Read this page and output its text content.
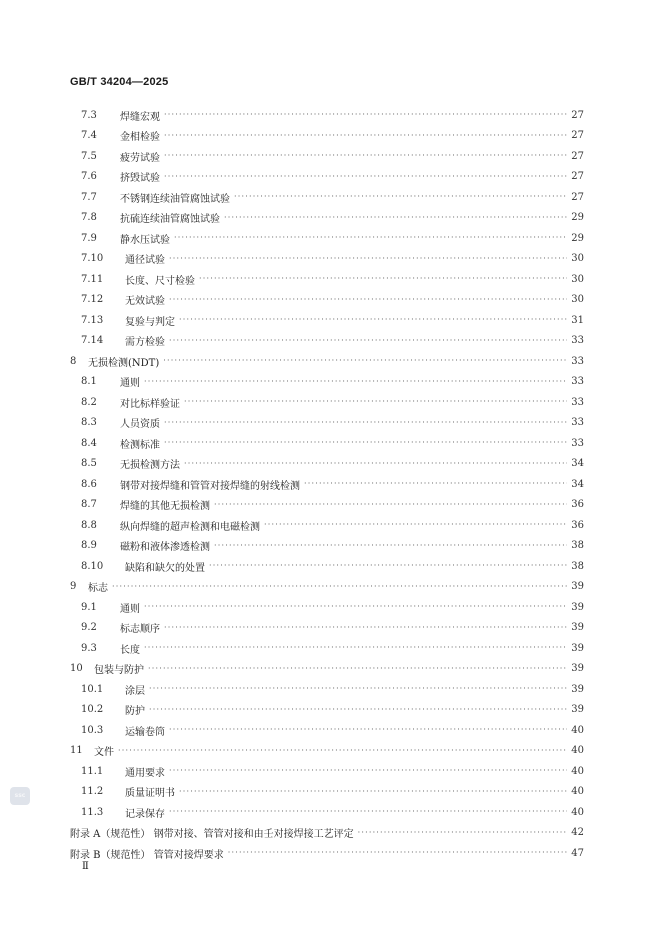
GB/T 34204—2025
7.3	焊缝宏观 ·····	27
7.4	金相检验 ·····	27
7.5	疲劳试验 ·····	27
7.6	挤毁试验 ·····	27
7.7	不锈钢连续油管腐蚀试验 ·····	27
7.8	抗硫连续油管腐蚀试验 ·····	29
7.9	静水压试验 ·····	29
7.10	通径试验 ·····	30
7.11	长度、尺寸检验 ·····	30
7.12	无效试验 ·····	30
7.13	复验与判定 ·····	31
7.14	需方检验 ·····	33
8	无损检测(NDT) ·····	33
8.1	通则 ·····	33
8.2	对比标样验证 ·····	33
8.3	人员资质 ·····	33
8.4	检测标准 ·····	33
8.5	无损检测方法 ·····	34
8.6	钢带对接焊缝和管管对接焊缝的射线检测 ·····	34
8.7	焊缝的其他无损检测 ·····	36
8.8	纵向焊缝的超声检测和电磁检测 ·····	36
8.9	磁粉和液体渗透检测 ·····	38
8.10	缺陷和缺欠的处置 ·····	38
9	标志 ·····	39
9.1	通则 ·····	39
9.2	标志顺序 ·····	39
9.3	长度 ·····	39
10	包装与防护 ·····	39
10.1	涂层 ·····	39
10.2	防护 ·····	39
10.3	运输卷筒 ·····	40
11	文件 ·····	40
11.1	通用要求 ·····	40
11.2	质量证明书 ·····	40
11.3	记录保存 ·····	40
附录 A（规范性） 钢带对接、管管对接和由壬对接焊接工艺评定 ·····	42
附录 B（规范性） 管管对接焊要求 ·····	47
Ⅱ
ssc
